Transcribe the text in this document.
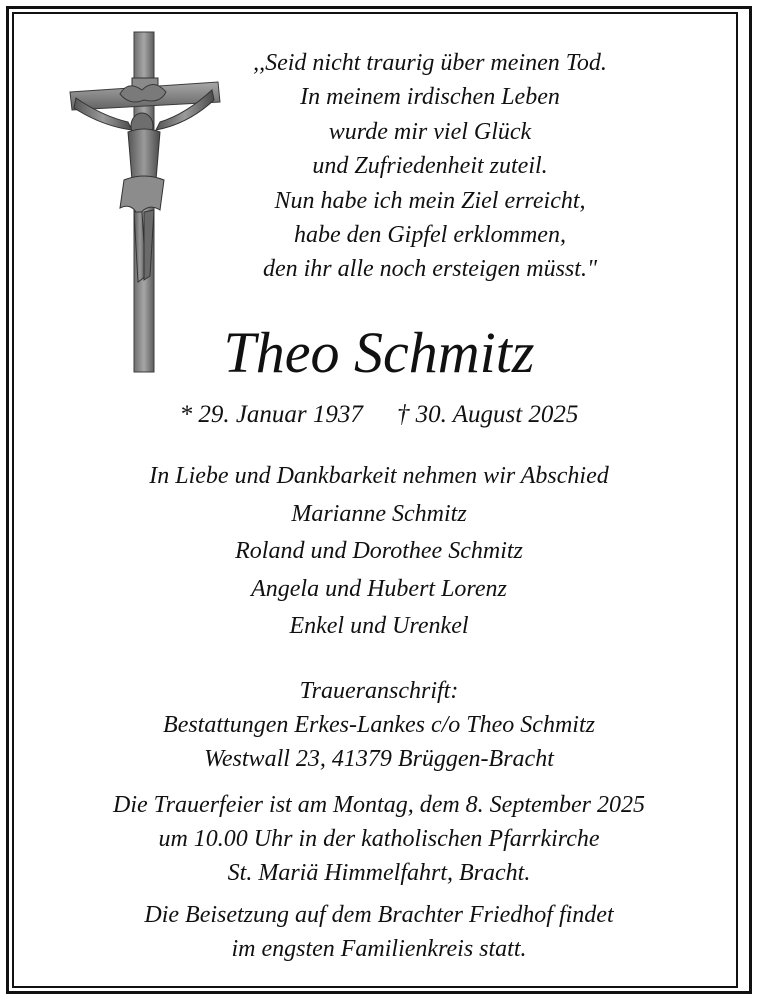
,,Seid nicht traurig über meinen Tod.
In meinem irdischen Leben
wurde mir viel Glück
und Zufriedenheit zuteil.
Nun habe ich mein Ziel erreicht,
habe den Gipfel erklommen,
den ihr alle noch ersteigen müsst."
Theo Schmitz
* 29. Januar 1937 † 30. August 2025
In Liebe und Dankbarkeit nehmen wir Abschied
Marianne Schmitz
Roland und Dorothee Schmitz
Angela und Hubert Lorenz
Enkel und Urenkel
Traueranschrift:
Bestattungen Erkes-Lankes c/o Theo Schmitz
Westwall 23, 41379 Brüggen-Bracht
Die Trauerfeier ist am Montag, dem 8. September 2025
um 10.00 Uhr in der katholischen Pfarrkirche
St. Mariä Himmelfahrt, Bracht.
Die Beisetzung auf dem Brachter Friedhof findet
im engsten Familienkreis statt.
